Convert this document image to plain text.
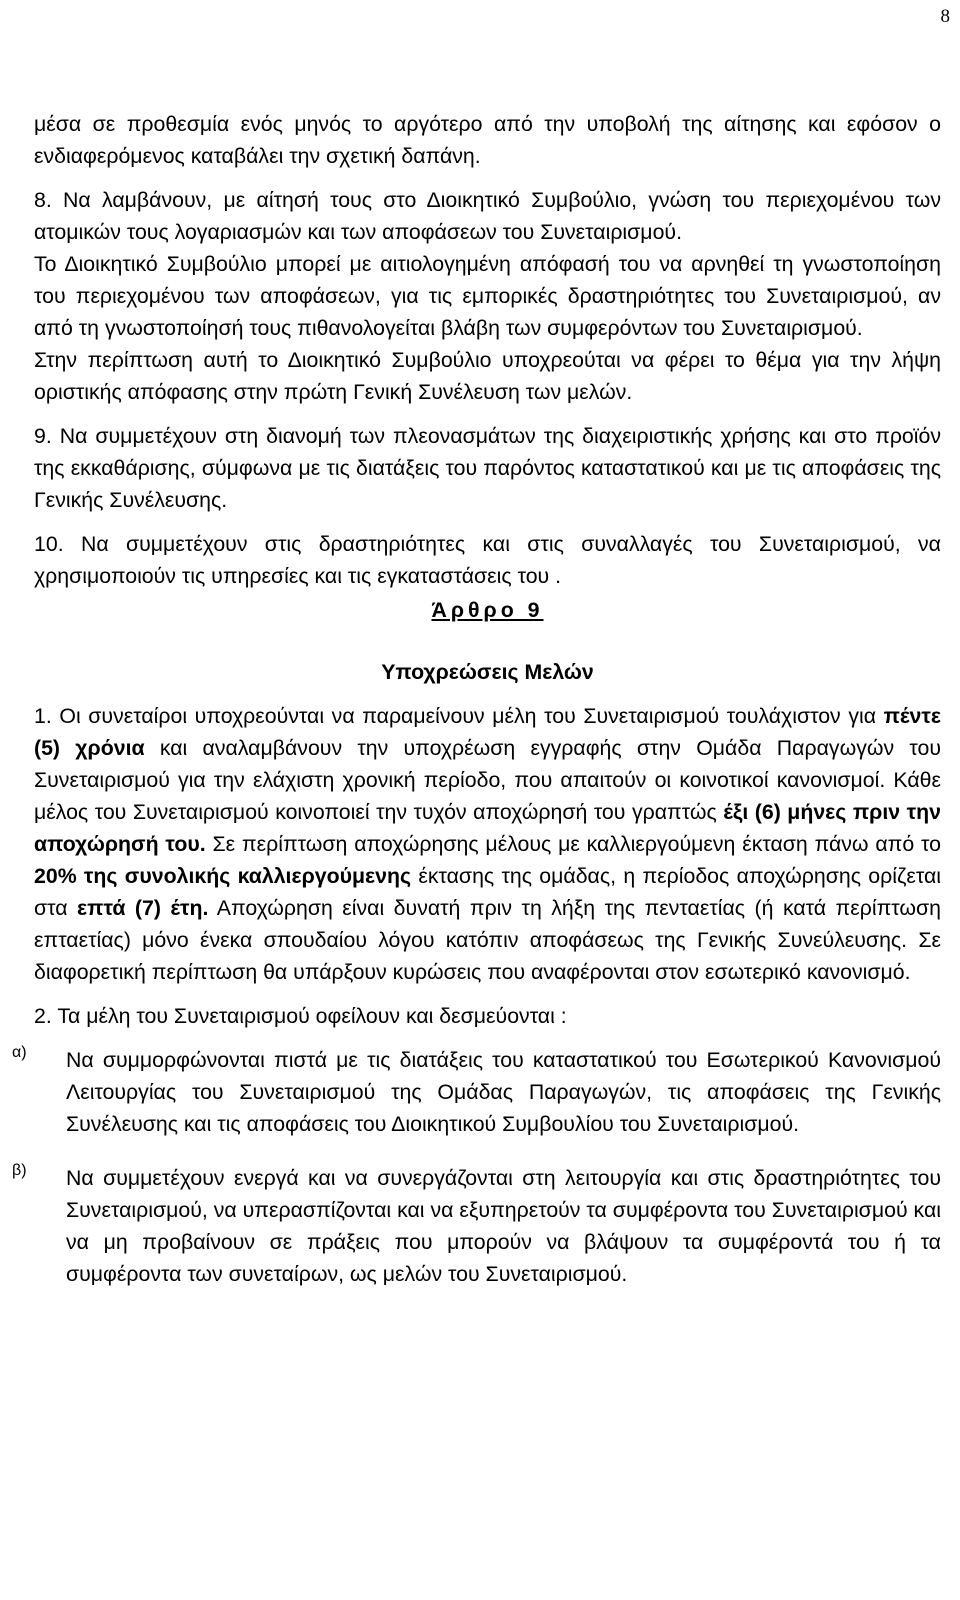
8

μέσα σε προθεσμία ενός μηνός το αργότερο από την υποβολή της αίτησης και εφόσον ο ενδιαφερόμενος καταβάλει την σχετική δαπάνη.

8. Να λαμβάνουν, με αίτησή τους στο Διοικητικό Συμβούλιο, γνώση του περιεχομένου των ατομικών τους λογαριασμών και των αποφάσεων του Συνεταιρισμού.

Το Διοικητικό Συμβούλιο μπορεί με αιτιολογημένη απόφασή του να αρνηθεί τη γνωστοποίηση του περιεχομένου των αποφάσεων, για τις εμπορικές δραστηριότητες του Συνεταιρισμού, αν από τη γνωστοποίησή τους πιθανολογείται βλάβη των συμφερόντων του Συνεταιρισμού.

Στην περίπτωση αυτή το Διοικητικό Συμβούλιο υποχρεούται να φέρει το θέμα για την λήψη οριστικής απόφασης στην πρώτη Γενική Συνέλευση των μελών.

9. Να συμμετέχουν στη διανομή των πλεονασμάτων της διαχειριστικής χρήσης και στο προϊόν της εκκαθάρισης, σύμφωνα με τις διατάξεις του παρόντος καταστατικού και με τις αποφάσεις της Γενικής Συνέλευσης.

10. Να συμμετέχουν στις δραστηριότητες και στις συναλλαγές του Συνεταιρισμού, να χρησιμοποιούν τις υπηρεσίες και τις εγκαταστάσεις του .

Άρθρο 9

Υποχρεώσεις Μελών

1. Οι συνεταίροι υποχρεούνται να παραμείνουν μέλη του Συνεταιρισμού τουλάχιστον για πέντε (5) χρόνια και αναλαμβάνουν την υποχρέωση εγγραφής στην Ομάδα Παραγωγών του Συνεταιρισμού για την ελάχιστη χρονική περίοδο, που απαιτούν οι κοινοτικοί κανονισμοί. Κάθε μέλος του Συνεταιρισμού κοινοποιεί την τυχόν αποχώρησή του γραπτώς έξι (6) μήνες πριν την αποχώρησή του. Σε περίπτωση αποχώρησης μέλους με καλλιεργούμενη έκταση πάνω από το 20% της συνολικής καλλιεργούμενης έκτασης της ομάδας, η περίοδος αποχώρησης ορίζεται στα επτά (7) έτη. Αποχώρηση είναι δυνατή πριν τη λήξη της πενταετίας (ή κατά περίπτωση επταετίας) μόνο ένεκα σπουδαίου λόγου κατόπιν αποφάσεως της Γενικής Συνεύλευσης. Σε διαφορετική περίπτωση θα υπάρξουν κυρώσεις που αναφέρονται στον εσωτερικό κανονισμό.

2. Τα μέλη του Συνεταιρισμού οφείλουν και δεσμεύονται :

α)	Να συμμορφώνονται πιστά με τις διατάξεις του καταστατικού του Εσωτερικού Κανονισμού Λειτουργίας του Συνεταιρισμού της Ομάδας Παραγωγών, τις αποφάσεις της Γενικής Συνέλευσης και τις αποφάσεις του Διοικητικού Συμβουλίου του Συνεταιρισμού.
β)	Να συμμετέχουν ενεργά και να συνεργάζονται στη λειτουργία και στις δραστηριότητες του Συνεταιρισμού, να υπερασπίζονται και να εξυπηρετούν τα συμφέροντα του Συνεταιρισμού και να μη προβαίνουν σε πράξεις που μπορούν να βλάψουν τα συμφέροντά του ή τα συμφέροντα των συνεταίρων, ως μελών του Συνεταιρισμού.
